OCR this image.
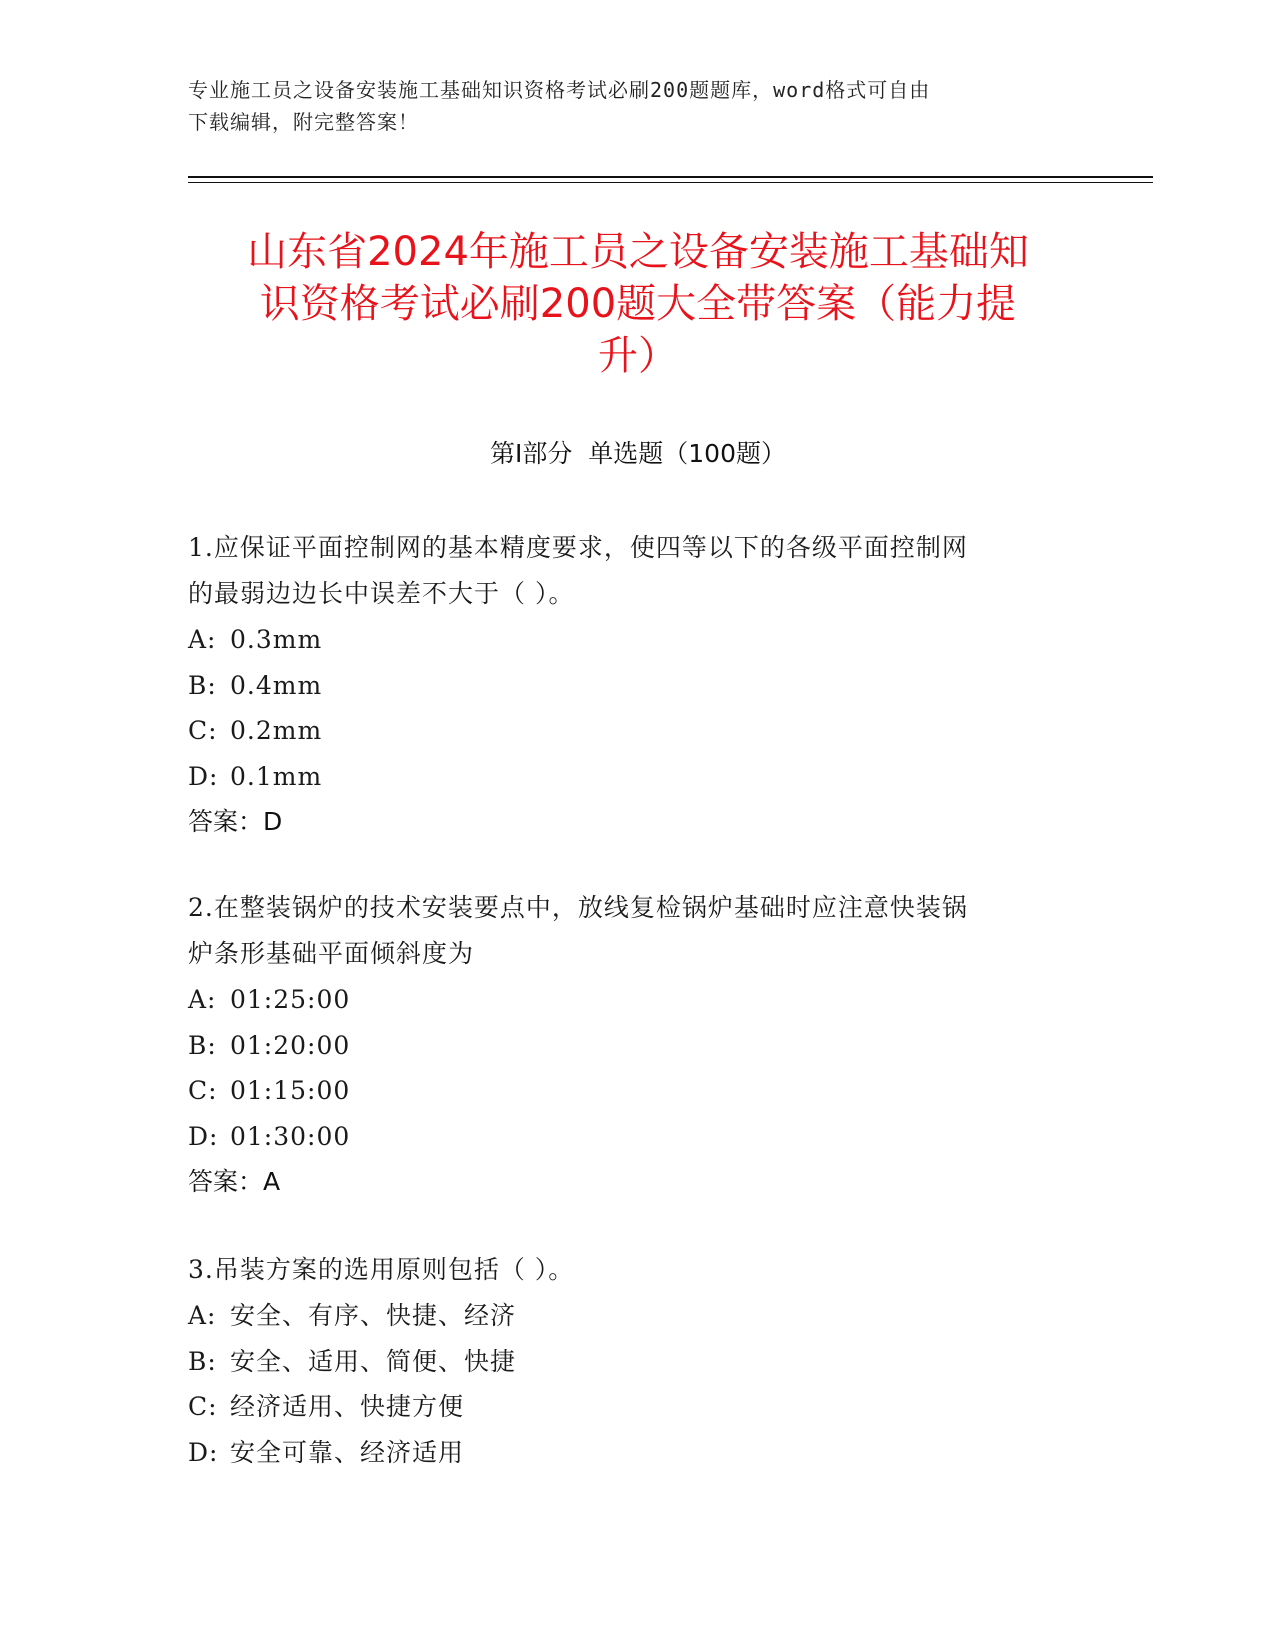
专业施工员之设备安装施工基础知识资格考试必刷200题题库，word格式可自由
下载编辑，附完整答案！
山东省2024年施工员之设备安装施工基础知
识资格考试必刷200题大全带答案（能力提
升）
第I部分  单选题（100题）
1.应保证平面控制网的基本精度要求，使四等以下的各级平面控制网
的最弱边边长中误差不大于（ ）。
A: 0.3mm
B: 0.4mm
C: 0.2mm
D: 0.1mm
答案：D
2.在整装锅炉的技术安装要点中，放线复检锅炉基础时应注意快装锅
炉条形基础平面倾斜度为
A: 01:25:00
B: 01:20:00
C: 01:15:00
D: 01:30:00
答案：A
3.吊装方案的选用原则包括（ ）。
A: 安全、有序、快捷、经济
B: 安全、适用、简便、快捷
C: 经济适用、快捷方便
D: 安全可靠、经济适用
